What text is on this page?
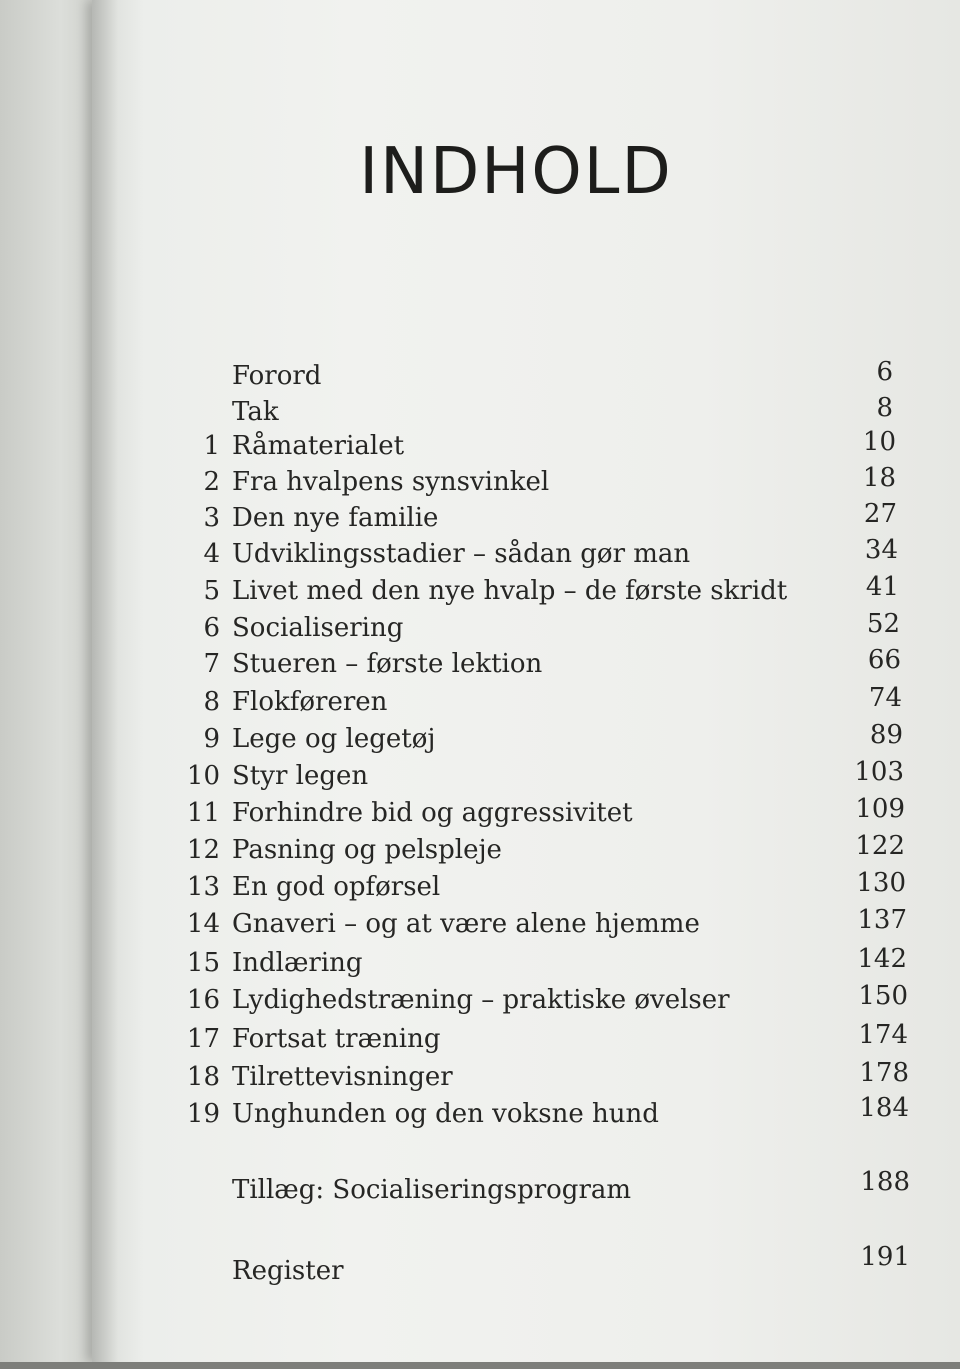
INDHOLD
Forord	6
Tak	8
1 Råmaterialet	10
2 Fra hvalpens synsvinkel	18
3 Den nye familie	27
4 Udviklingsstadier – sådan gør man	34
5 Livet med den nye hvalp – de første skridt	41
6 Socialisering	52
7 Stueren – første lektion	66
8 Flokføreren	74
9 Lege og legetøj	89
10 Styr legen	103
11 Forhindre bid og aggressivitet	109
12 Pasning og pelspleje	122
13 En god opførsel	130
14 Gnaveri – og at være alene hjemme	137
15 Indlæring	142
16 Lydighedstræning – praktiske øvelser	150
17 Fortsat træning	174
18 Tilrettevisninger	178
19 Unghunden og den voksne hund	184
Tillæg: Socialiseringsprogram	188
Register	191
